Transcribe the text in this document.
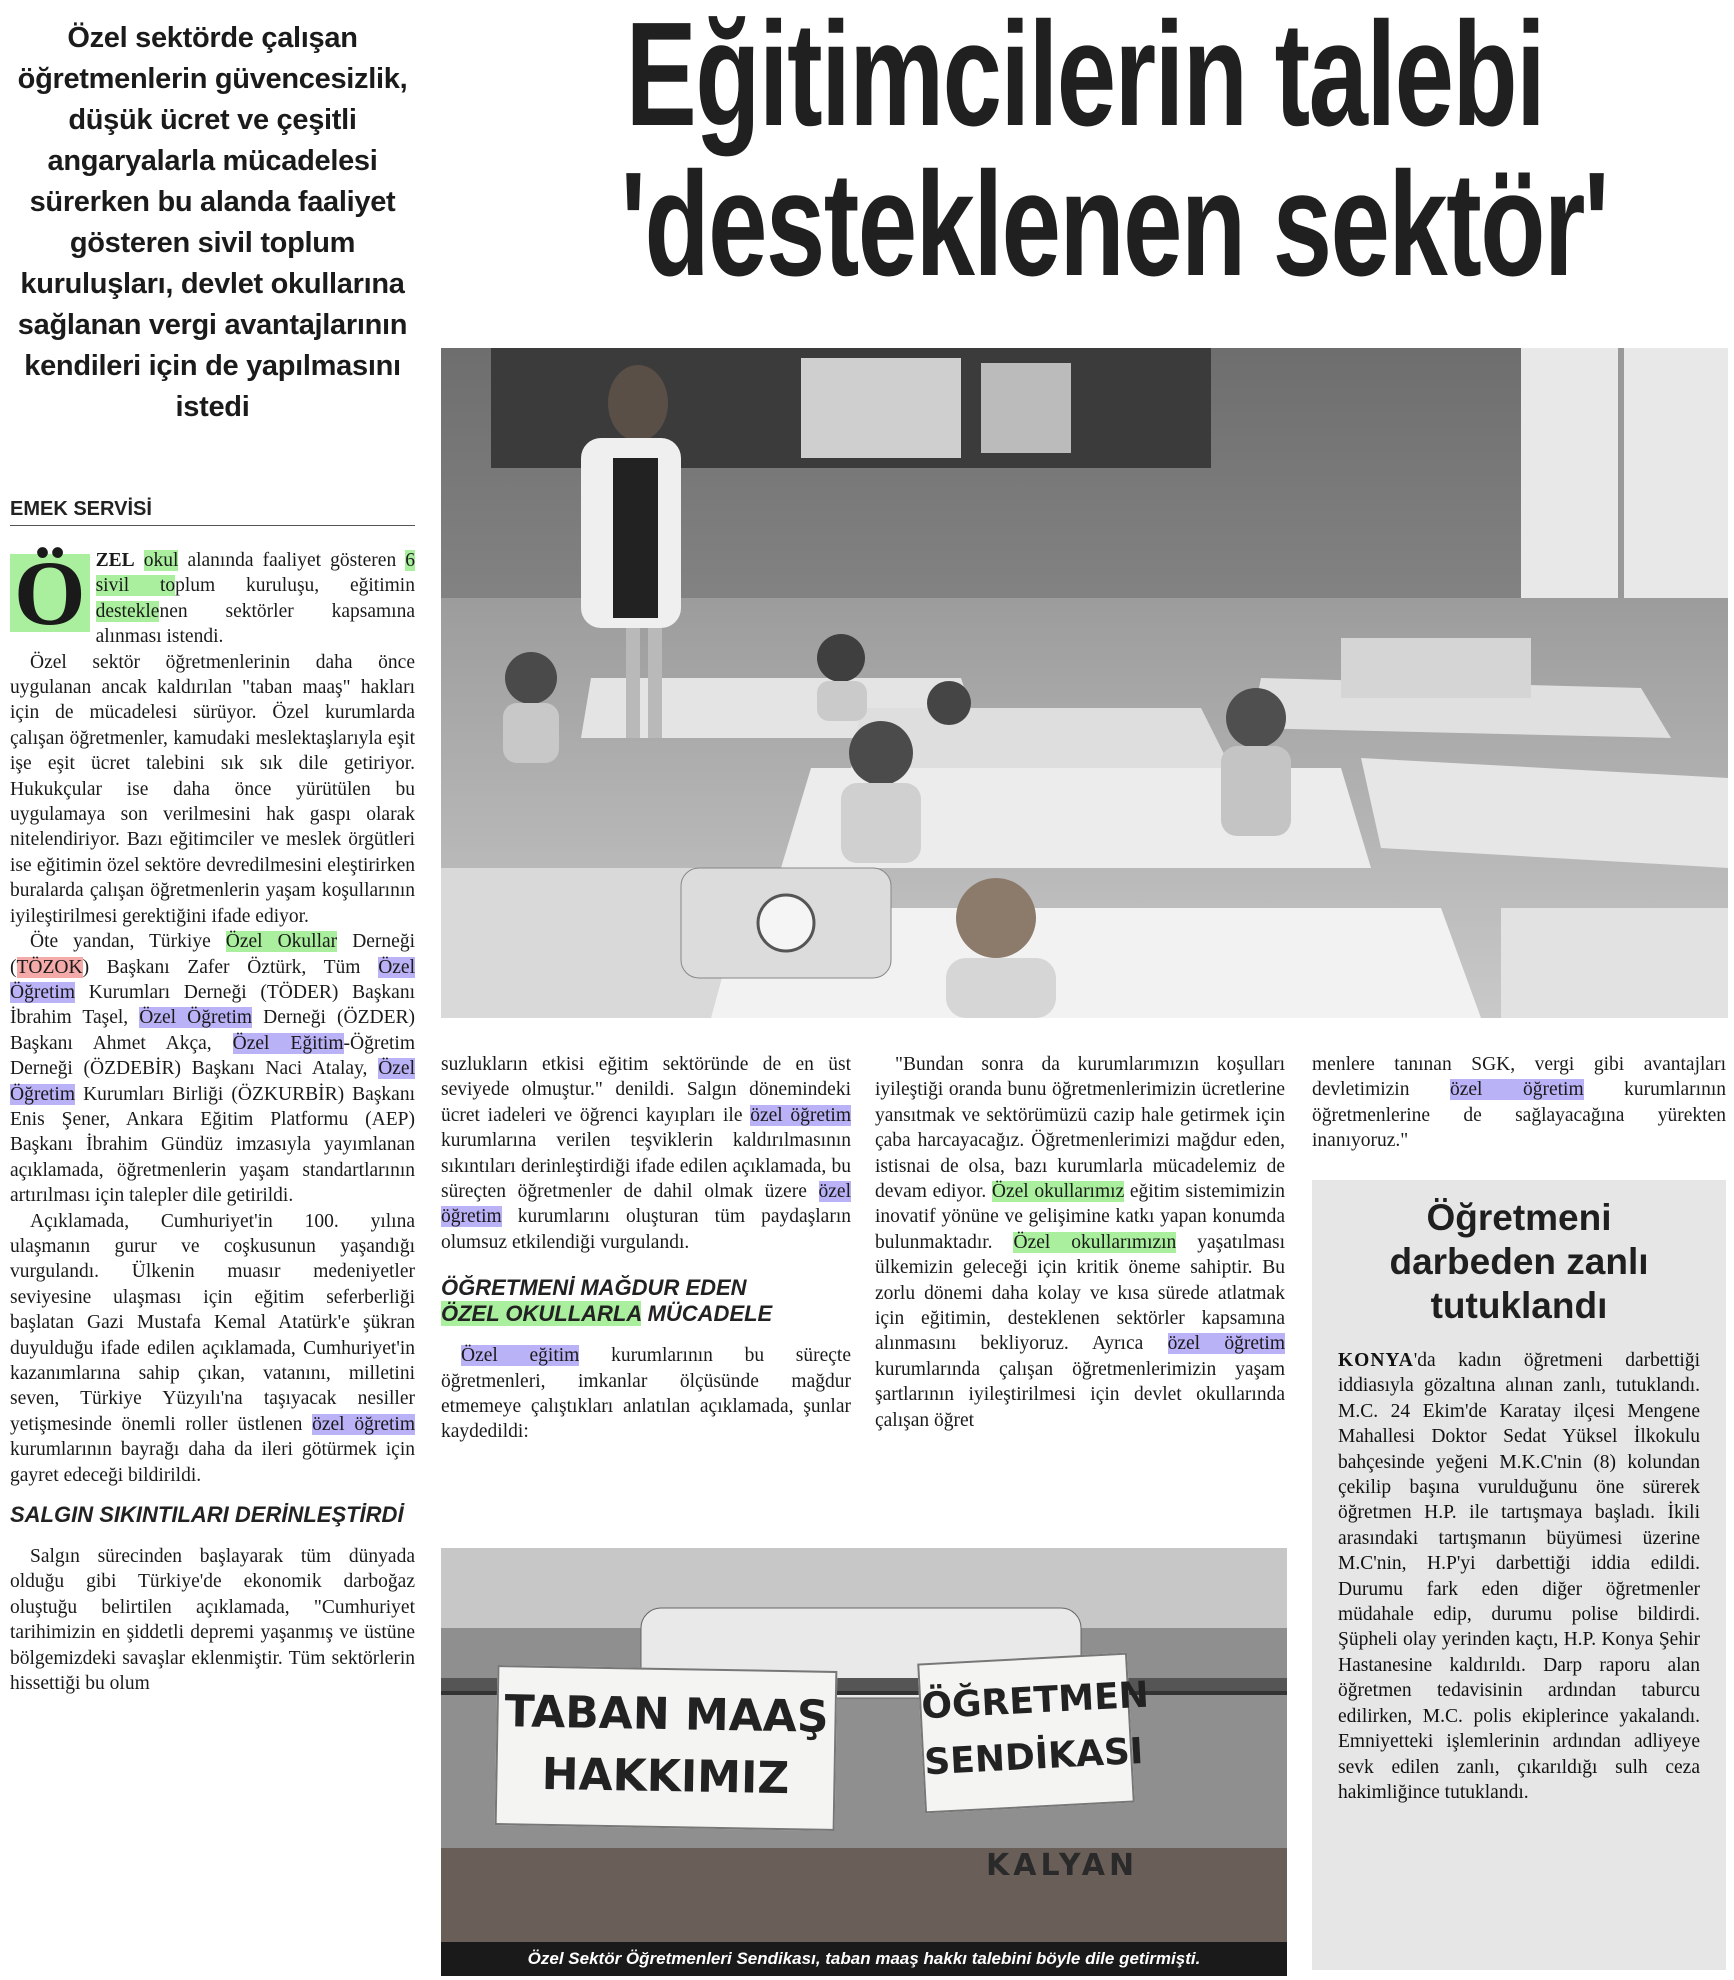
Özel sektörde çalışan öğretmenlerin güvencesizlik, düşük ücret ve çeşitli angaryalarla mücadelesi sürerken bu alanda faaliyet gösteren sivil toplum kuruluşları, devlet okullarına sağlanan vergi avantajlarının kendileri için de yapılmasını istedi
Eğitimcilerin talebi
'desteklenen sektör'
EMEK SERVİSİ

Ö ZEL okul alanında faaliyet gösteren 6 sivil toplum kuruluşu, eğitimin desteklenen sektörler kapsamına alınması istendi.

Özel sektör öğretmenlerinin daha önce uygulanan ancak kaldırılan "taban maaş" hakları için de mücadelesi sürüyor. Özel kurumlarda çalışan öğretmenler, kamudaki meslektaşlarıyla eşit işe eşit ücret talebini sık sık dile getiriyor. Hukukçular ise daha önce yürütülen bu uygulamaya son verilmesini hak gaspı olarak nitelendiriyor. Bazı eğitimciler ve meslek örgütleri ise eğitimin özel sektöre devredilmesini eleştirirken buralarda çalışan öğretmenlerin yaşam koşullarının iyileştirilmesi gerektiğini ifade ediyor.

Öte yandan, Türkiye Özel Okullar Derneği (TÖZOK) Başkanı Zafer Öztürk, Tüm Özel Öğretim Kurumları Derneği (TÖDER) Başkanı İbrahim Taşel, Özel Öğretim Derneği (ÖZDER) Başkanı Ahmet Akça, Özel Eğitim-Öğretim Derneği (ÖZDEBİR) Başkanı Naci Atalay, Özel Öğretim Kurumları Birliği (ÖZKURBİR) Başkanı Enis Şener, Ankara Eğitim Platformu (AEP) Başkanı İbrahim Gündüz imzasıyla yayımlanan açıklamada, öğretmenlerin yaşam standartlarının artırılması için talepler dile getirildi.

Açıklamada, Cumhuriyet'in 100. yılına ulaşmanın gurur ve coşkusunun yaşandığı vurgulandı. Ülkenin muasır medeniyetler seviyesine ulaşması için eğitim seferberliği başlatan Gazi Mustafa Kemal Atatürk'e şükran duyulduğu ifade edilen açıklamada, Cumhuriyet'in kazanımlarına sahip çıkan, vatanını, milletini seven, Türkiye Yüzyılı'na taşıyacak nesiller yetişmesinde önemli roller üstlenen özel öğretim kurumlarının bayrağı daha da ileri götürmek için gayret edeceği bildirildi.

SALGIN SIKINTILARI DERİNLEŞTİRDİ

Salgın sürecinden başlayarak tüm dünyada olduğu gibi Türkiye'de ekonomik darboğaz oluştuğu belirtilen açıklamada, "Cumhuriyet tarihimizin en şiddetli depremi yaşanmış ve üstüne bölgemizdeki savaşlar eklenmiştir. Tüm sektörlerin hissettiği bu olum

suzlukların etkisi eğitim sektöründe de en üst seviyede olmuştur." denildi. Salgın dönemindeki ücret iadeleri ve öğrenci kayıpları ile özel öğretim kurumlarına verilen teşviklerin kaldırılmasının sıkıntıları derinleştirdiği ifade edilen açıklamada, bu süreçten öğretmenler de dahil olmak üzere özel öğretim kurumlarını oluşturan tüm paydaşların olumsuz etkilendiği vurgulandı.

ÖĞRETMENİ MAĞDUR EDEN
ÖZEL OKULLARLA MÜCADELE

Özel eğitim kurumlarının bu süreçte öğretmenleri, imkanlar ölçüsünde mağdur etmemeye çalıştıkları anlatılan açıklamada, şunlar kaydedildi:

"Bundan sonra da kurumlarımızın koşulları iyileştiği oranda bunu öğretmenlerimizin ücretlerine yansıtmak ve sektörümüzü cazip hale getirmek için çaba harcayacağız. Öğretmenlerimizi mağdur eden, istisnai de olsa, bazı kurumlarla mücadelemiz de devam ediyor. Özel okullarımız eğitim sistemimizin inovatif yönüne ve gelişimine katkı yapan konumda bulunmaktadır. Özel okullarımızın yaşatılması ülkemizin geleceği için kritik öneme sahiptir. Bu zorlu dönemi daha kolay ve kısa sürede atlatmak için eğitimin, desteklenen sektörler kapsamına alınmasını bekliyoruz. Ayrıca özel öğretim kurumlarında çalışan öğretmenlerimizin yaşam şartlarının iyileştirilmesi için devlet okullarında çalışan öğret

menlere tanınan SGK, vergi gibi avantajları devletimizin özel öğretim kurumlarının öğretmenlerine de sağlayacağına yürekten inanıyoruz."

Öğretmeni darbeden zanlı tutuklandı
KONYA'da kadın öğretmeni darbettiği iddiasıyla gözaltına alınan zanlı, tutuklandı. M.C. 24 Ekim'de Karatay ilçesi Mengene Mahallesi Doktor Sedat Yüksel İlkokulu bahçesinde yeğeni M.K.C'nin (8) kolundan çekilip başına vurulduğunu öne sürerek öğretmen H.P. ile tartışmaya başladı. İkili arasındaki tartışmanın büyümesi üzerine M.C'nin, H.P'yi darbettiği iddia edildi. Durumu fark eden diğer öğretmenler müdahale edip, durumu polise bildirdi. Şüpheli olay yerinden kaçtı, H.P. Konya Şehir Hastanesine kaldırıldı. Darp raporu alan öğretmen tedavisinin ardından taburcu edilirken, M.C. polis ekiplerince yakalandı. Emniyetteki işlemlerinin ardından adliyeye sevk edilen zanlı, çıkarıldığı sulh ceza hakimliğince tutuklandı.
TABAN MAAŞ
HAKKIMIZ
ÖĞRETMEN
SENDİKASI
KALYAN
Özel Sektör Öğretmenleri Sendikası, taban maaş hakkı talebini böyle dile getirmişti.
